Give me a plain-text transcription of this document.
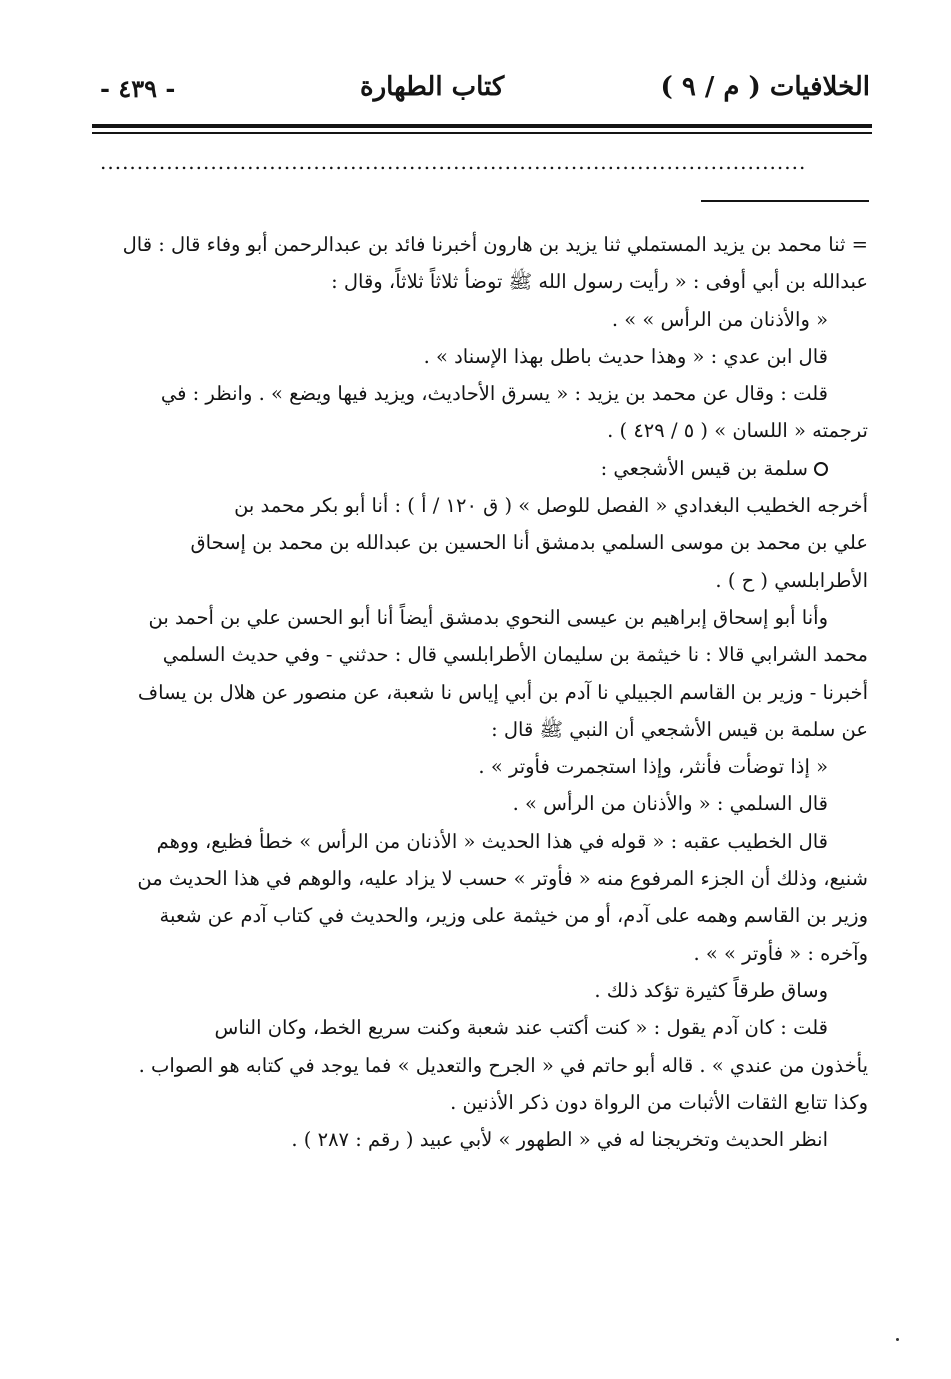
الخلافيات ( م / ٩ )
كتاب الطهارة
- ٤٣٩ -
................................................................................................
= ثنا محمد بن يزيد المستملي ثنا يزيد بن هارون أخبرنا فائد بن عبدالرحمن أبو وفاء قال : قال
عبدالله بن أبي أوفى : « رأيت رسول الله ﷺ توضأ ثلاثاً ثلاثاً، وقال :
« والأذنان من الرأس » » .
قال ابن عدي : « وهذا حديث باطل بهذا الإسناد » .
قلت : وقال عن محمد بن يزيد : « يسرق الأحاديث، ويزيد فيها ويضع » . وانظر : في
ترجمته « اللسان » ( ٥ / ٤٢٩ ) .
سلمة بن قيس الأشجعي :
أخرجه الخطيب البغدادي « الفصل للوصل » ( ق ١٢٠ / أ ) : أنا أبو بكر محمد بن
علي بن محمد بن موسى السلمي بدمشق أنا الحسين بن عبدالله بن محمد بن إسحاق
الأطرابلسي ( ح ) .
وأنا أبو إسحاق إبراهيم بن عيسى النحوي بدمشق أيضاً أنا أبو الحسن علي بن أحمد بن
محمد الشرابي قالا : نا خيثمة بن سليمان الأطرابلسي قال : حدثني - وفي حديث السلمي
أخبرنا - وزير بن القاسم الجبيلي نا آدم بن أبي إياس نا شعبة، عن منصور عن هلال بن يساف
عن سلمة بن قيس الأشجعي أن النبي ﷺ قال :
« إذا توضأت فأنثر، وإذا استجمرت فأوتر » .
قال السلمي : « والأذنان من الرأس » .
قال الخطيب عقبه : « قوله في هذا الحديث « الأذنان من الرأس » خطأ فظيع، ووهم
شنيع، وذلك أن الجزء المرفوع منه « فأوتر » حسب لا يزاد عليه، والوهم في هذا الحديث من
وزير بن القاسم وهمه على آدم، أو من خيثمة على وزير، والحديث في كتاب آدم عن شعبة
وآخره : « فأوتر » » .
وساق طرقاً كثيرة تؤكد ذلك .
قلت : كان آدم يقول : « كنت أكتب عند شعبة وكنت سريع الخط، وكان الناس
يأخذون من عندي » . قاله أبو حاتم في « الجرح والتعديل » فما يوجد في كتابه هو الصواب .
وكذا تتابع الثقات الأثبات من الرواة دون ذكر الأذنين .
انظر الحديث وتخريجنا له في « الطهور » لأبي عبيد ( رقم : ٢٨٧ ) .
